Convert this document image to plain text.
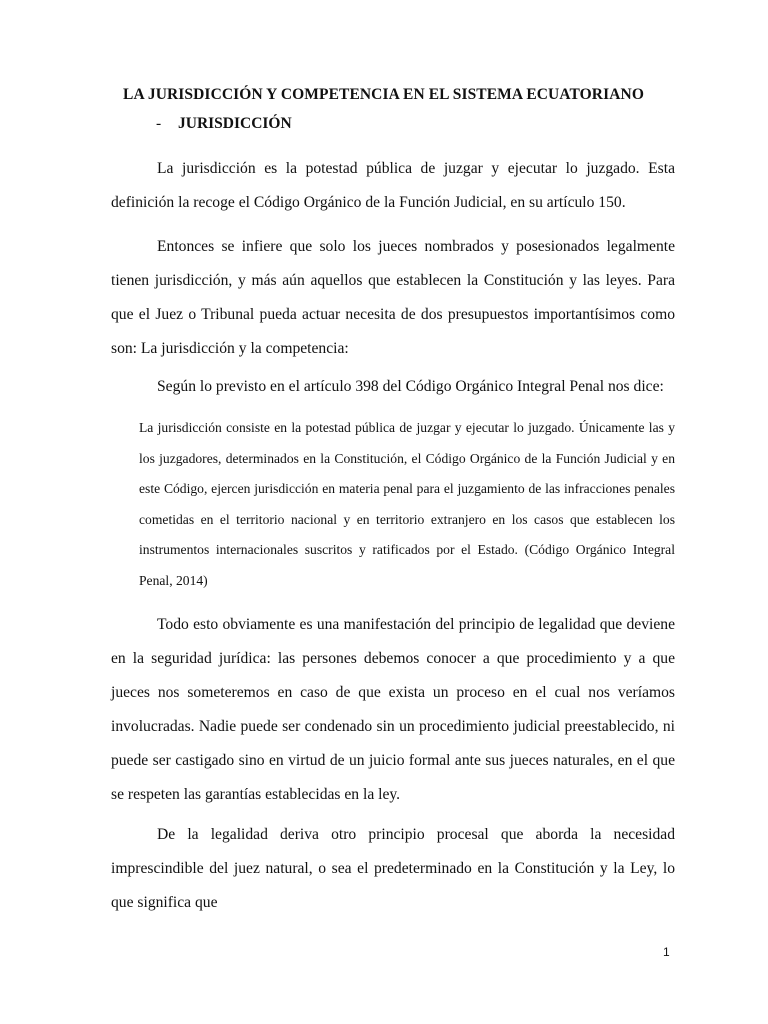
LA JURISDICCIÓN Y COMPETENCIA EN EL SISTEMA ECUATORIANO
- JURISDICCIÓN

La jurisdicción es la potestad pública de juzgar y ejecutar lo juzgado. Esta definición la recoge el Código Orgánico de la Función Judicial, en su artículo 150.

Entonces se infiere que solo los jueces nombrados y posesionados legalmente tienen jurisdicción, y más aún aquellos que establecen la Constitución y las leyes. Para que el Juez o Tribunal pueda actuar necesita de dos presupuestos importantísimos como son: La jurisdicción y la competencia:

Según lo previsto en el artículo 398 del Código Orgánico Integral Penal nos dice:

La jurisdicción consiste en la potestad pública de juzgar y ejecutar lo juzgado. Únicamente las y los juzgadores, determinados en la Constitución, el Código Orgánico de la Función Judicial y en este Código, ejercen jurisdicción en materia penal para el juzgamiento de las infracciones penales cometidas en el territorio nacional y en territorio extranjero en los casos que establecen los instrumentos internacionales suscritos y ratificados por el Estado. (Código Orgánico Integral Penal, 2014)

Todo esto obviamente es una manifestación del principio de legalidad que deviene en la seguridad jurídica: las persones debemos conocer a que procedimiento y a que jueces nos someteremos en caso de que exista un proceso en el cual nos veríamos involucradas. Nadie puede ser condenado sin un procedimiento judicial preestablecido, ni puede ser castigado sino en virtud de un juicio formal ante sus jueces naturales, en el que se respeten las garantías establecidas en la ley.

De la legalidad deriva otro principio procesal que aborda la necesidad imprescindible del juez natural, o sea el predeterminado en la Constitución y la Ley, lo que significa que

1
